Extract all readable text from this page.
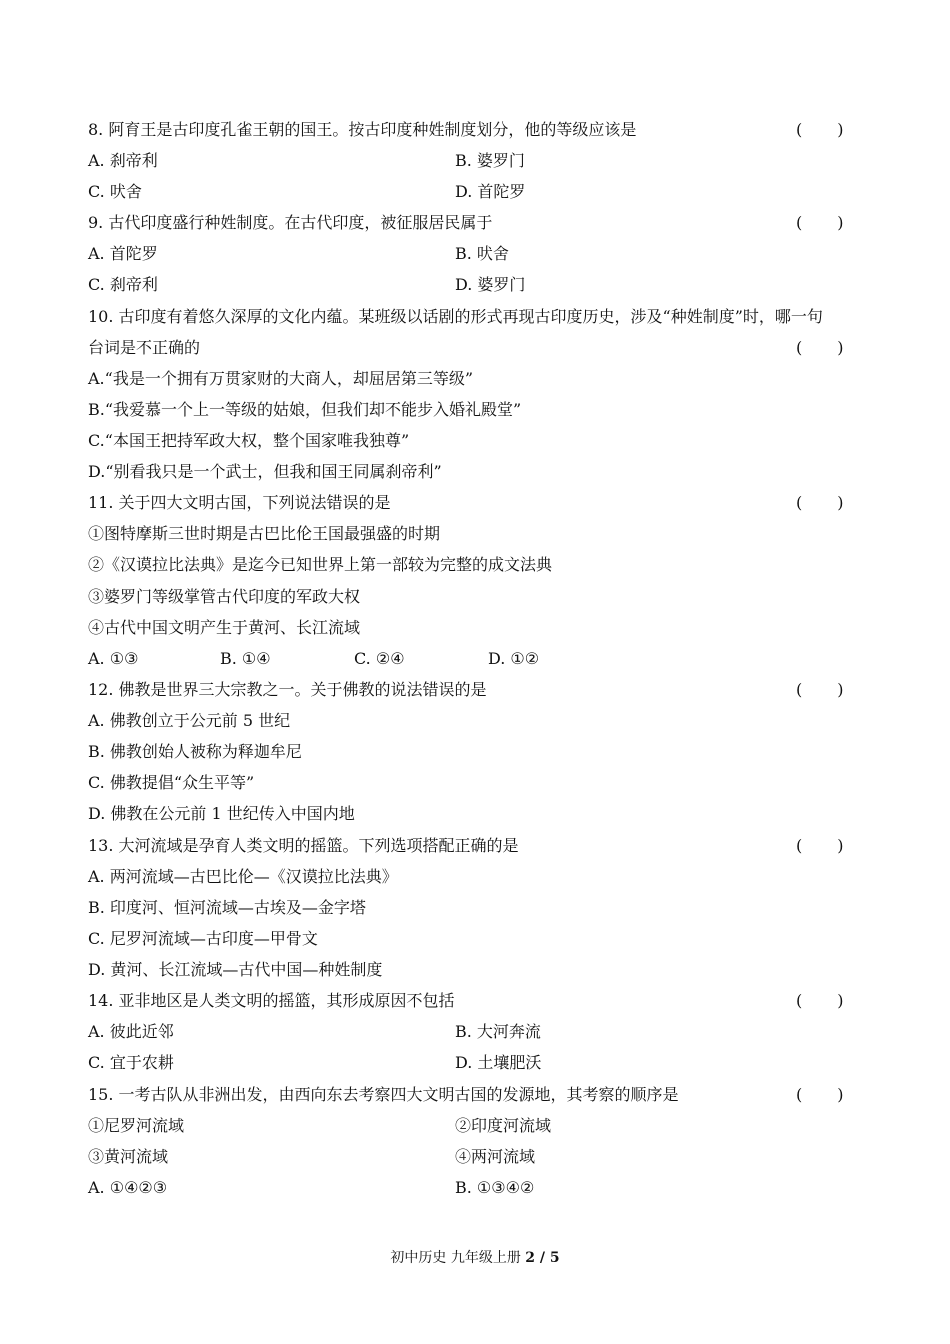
8. 阿育王是古印度孔雀王朝的国王。按古印度种姓制度划分，他的等级应该是	(　　)
A. 刹帝利	B. 婆罗门
C. 吠舍	D. 首陀罗
9. 古代印度盛行种姓制度。在古代印度，被征服居民属于	(　　)
A. 首陀罗	B. 吠舍
C. 刹帝利	D. 婆罗门
10. 古印度有着悠久深厚的文化内蕴。某班级以话剧的形式再现古印度历史，涉及“种姓制度”时，哪一句
台词是不正确的	(　　)
A.“我是一个拥有万贯家财的大商人，却屈居第三等级”
B.“我爱慕一个上一等级的姑娘，但我们却不能步入婚礼殿堂”
C.“本国王把持军政大权，整个国家唯我独尊”
D.“别看我只是一个武士，但我和国王同属刹帝利”
11. 关于四大文明古国，下列说法错误的是	(　　)
①图特摩斯三世时期是古巴比伦王国最强盛的时期
②《汉谟拉比法典》是迄今已知世界上第一部较为完整的成文法典
③婆罗门等级掌管古代印度的军政大权
④古代中国文明产生于黄河、长江流域
A. ①③	B. ①④	C. ②④	D. ①②
12. 佛教是世界三大宗教之一。关于佛教的说法错误的是	(　　)
A. 佛教创立于公元前 5 世纪
B. 佛教创始人被称为释迦牟尼
C. 佛教提倡“众生平等”
D. 佛教在公元前 1 世纪传入中国内地
13. 大河流域是孕育人类文明的摇篮。下列选项搭配正确的是	(　　)
A. 两河流域—古巴比伦—《汉谟拉比法典》
B. 印度河、恒河流域—古埃及—金字塔
C. 尼罗河流域—古印度—甲骨文
D. 黄河、长江流域—古代中国—种姓制度
14. 亚非地区是人类文明的摇篮，其形成原因不包括	(　　)
A. 彼此近邻	B. 大河奔流
C. 宜于农耕	D. 土壤肥沃
15. 一考古队从非洲出发，由西向东去考察四大文明古国的发源地，其考察的顺序是	(　　)
①尼罗河流域	②印度河流域
③黄河流域	④两河流域
A. ①④②③	B. ①③④②
初中历史 九年级上册 2 / 5
